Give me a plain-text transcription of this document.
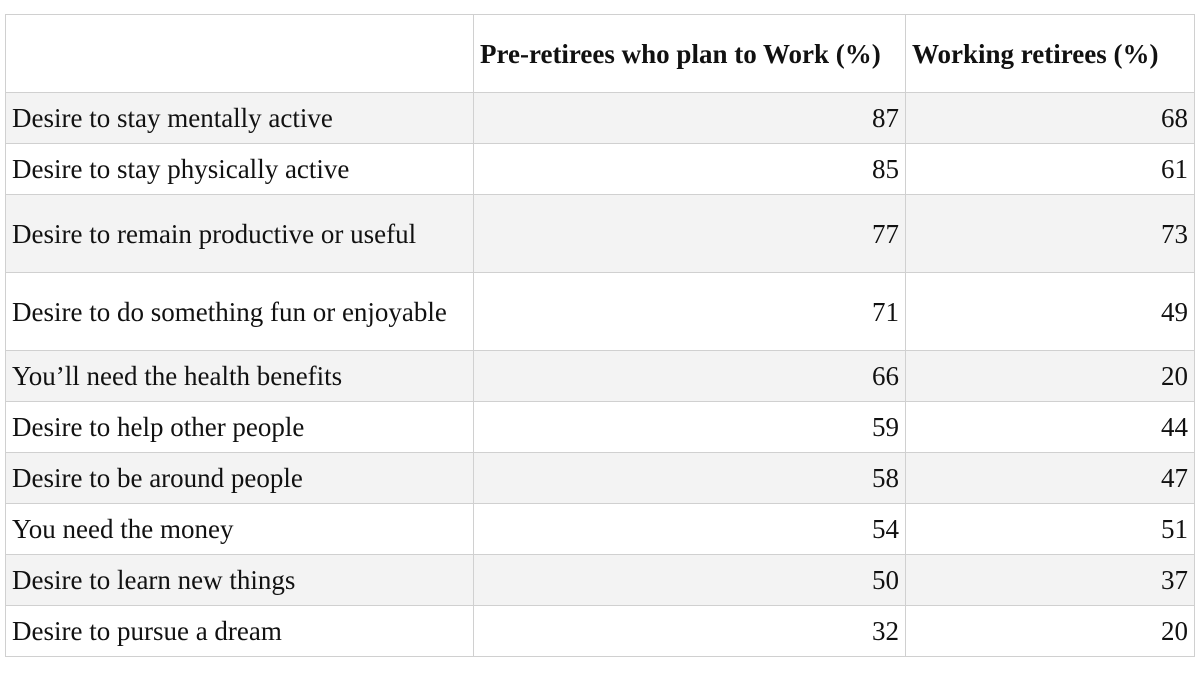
	Pre-retirees who plan to Work (%)	Working retirees (%)
Desire to stay mentally active	87	68
Desire to stay physically active	85	61
Desire to remain productive or useful	77	73
Desire to do something fun or enjoyable	71	49
You’ll need the health benefits	66	20
Desire to help other people	59	44
Desire to be around people	58	47
You need the money	54	51
Desire to learn new things	50	37
Desire to pursue a dream	32	20
